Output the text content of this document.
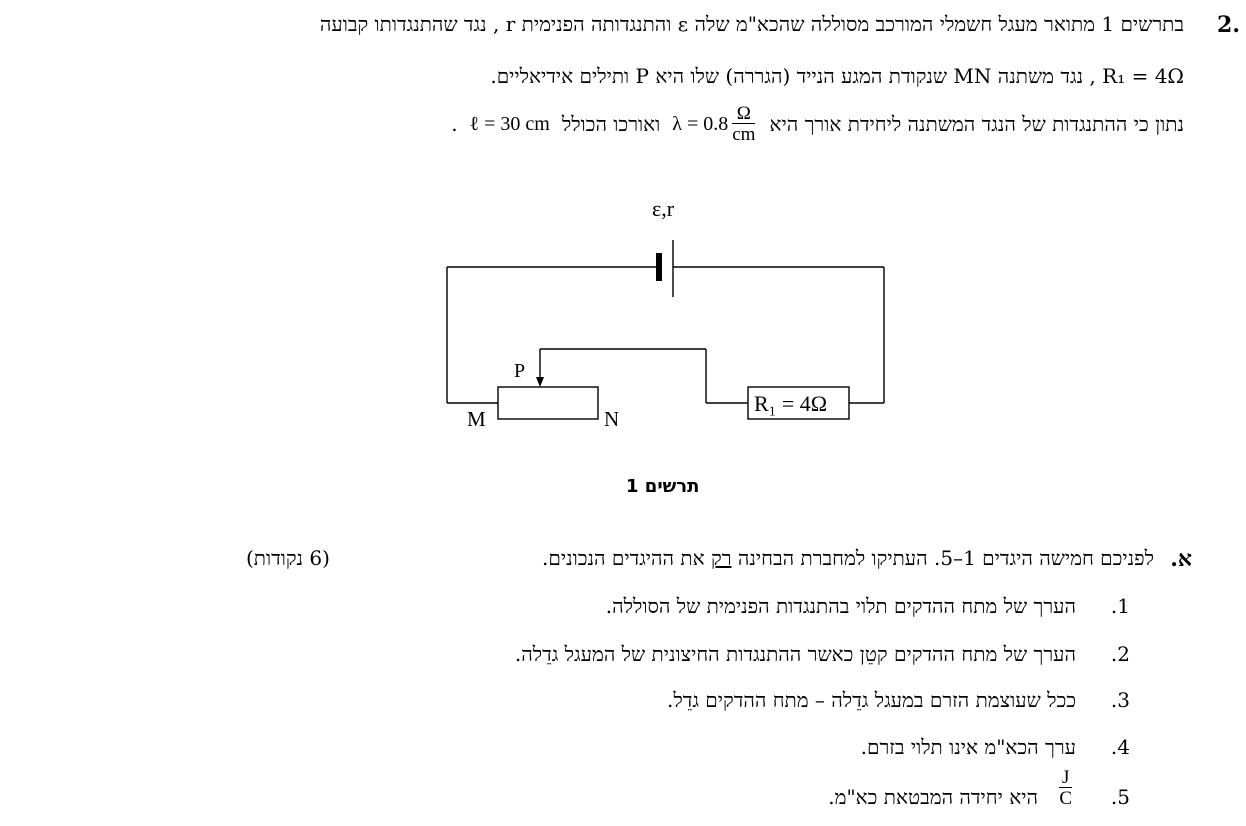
2.
בתרשים 1 מתואר מעגל חשמלי המורכב מסוללה שהכא"מ שלה ε והתנגדותה הפנימית r , נגד שהתנגדותו קבועה
R₁ = 4Ω , נגד משתנה MN שנקודת המגע הנייד (הגררה) שלו היא P ותילים אידיאליים.
נתון כי ההתנגדות של הנגד המשתנה ליחידת אורך היא
$\frac{\Omega}{cm}$
λ = 0.8
ואורכו הכולל
ℓ = 30 cm
.
ε,r
P
M	N
R₁ = 4Ω
תרשים 1
א.
לפניכם חמישה היגדים 1–5. העתיקו למחברת הבחינה רק את ההיגדים הנכונים.
(6 נקודות)
.1
הערך של מתח ההדקים תלוי בהתנגדות הפנימית של הסוללה.
.2
הערך של מתח ההדקים קטֵן כאשר ההתנגדות החיצונית של המעגל גדֵלה.
.3
ככל שעוצמת הזרם במעגל גדֵלה – מתח ההדקים גדֵל.
.4
ערך הכא"מ אינו תלוי בזרם.
.5
$\frac{J}{C}$
היא יחידה המבטאת כא"מ.
